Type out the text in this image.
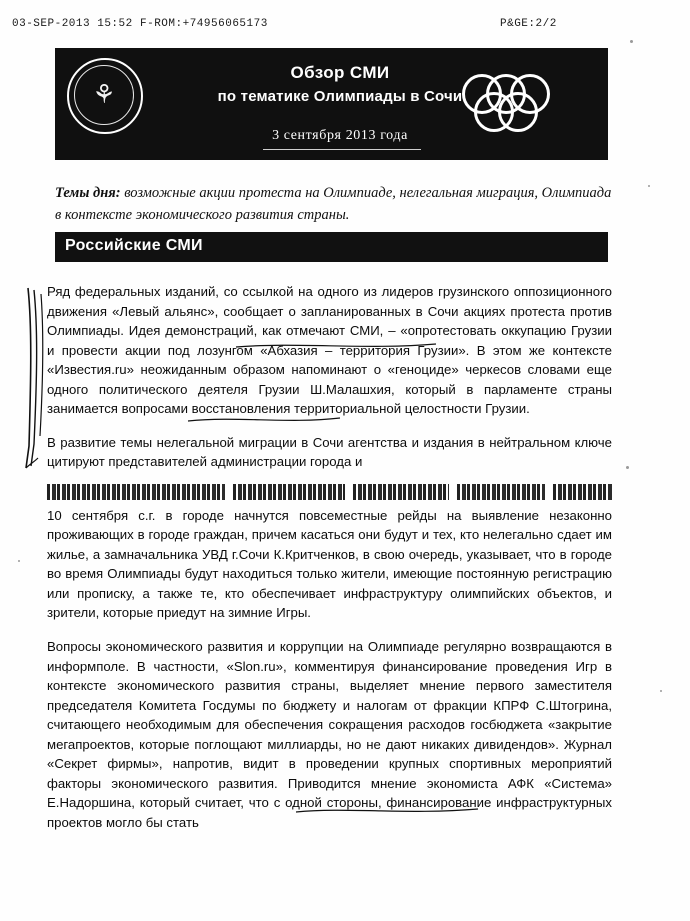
03-SEP-2013 15:52 F-ROM:+74956065173	P&GE:2/2
⚘
Обзор СМИ
по тематике Олимпиады в Сочи
3 сентября 2013 года
Темы дня: возможные акции протеста на Олимпиаде, нелегальная миграция, Олимпиада в контексте экономического развития страны.
Российские СМИ

Ряд федеральных изданий, со ссылкой на одного из лидеров грузинского оппозиционного движения «Левый альянс», сообщает о запланированных в Сочи акциях протеста против Олимпиады. Идея демонстраций, как отмечают СМИ, – «опротестовать оккупацию Грузии и провести акции под лозунгом «Абхазия – территория Грузии». В этом же контексте «Известия.ru» неожиданным образом напоминают о «геноциде» черкесов словами еще одного политического деятеля Грузии Ш.Малашхия, который в парламенте страны занимается вопросами восстановления территориальной целостности Грузии.

В развитие темы нелегальной миграции в Сочи агентства и издания в нейтральном ключе цитируют представителей администрации города и

10 сентября с.г. в городе начнутся повсеместные рейды на выявление незаконно проживающих в городе граждан, причем касаться они будут и тех, кто нелегально сдает им жилье, а замначальника УВД г.Сочи К.Критченков, в свою очередь, указывает, что в городе во время Олимпиады будут находиться только жители, имеющие постоянную регистрацию или прописку, а также те, кто обеспечивает инфраструктуру олимпийских объектов, и зрители, которые приедут на зимние Игры.

Вопросы экономического развития и коррупции на Олимпиаде регулярно возвращаются в информполе. В частности, «Slon.ru», комментируя финансирование проведения Игр в контексте экономического развития страны, выделяет мнение первого заместителя председателя Комитета Госдумы по бюджету и налогам от фракции КПРФ С.Штогрина, считающего необходимым для обеспечения сокращения расходов госбюджета «закрытие мегапроектов, которые поглощают миллиарды, но не дают никаких дивидендов». Журнал «Секрет фирмы», напротив, видит в проведении крупных спортивных мероприятий факторы экономического развития. Приводится мнение экономиста АФК «Система» Е.Надоршина, который считает, что с одной стороны, финансирование инфраструктурных проектов могло бы стать
